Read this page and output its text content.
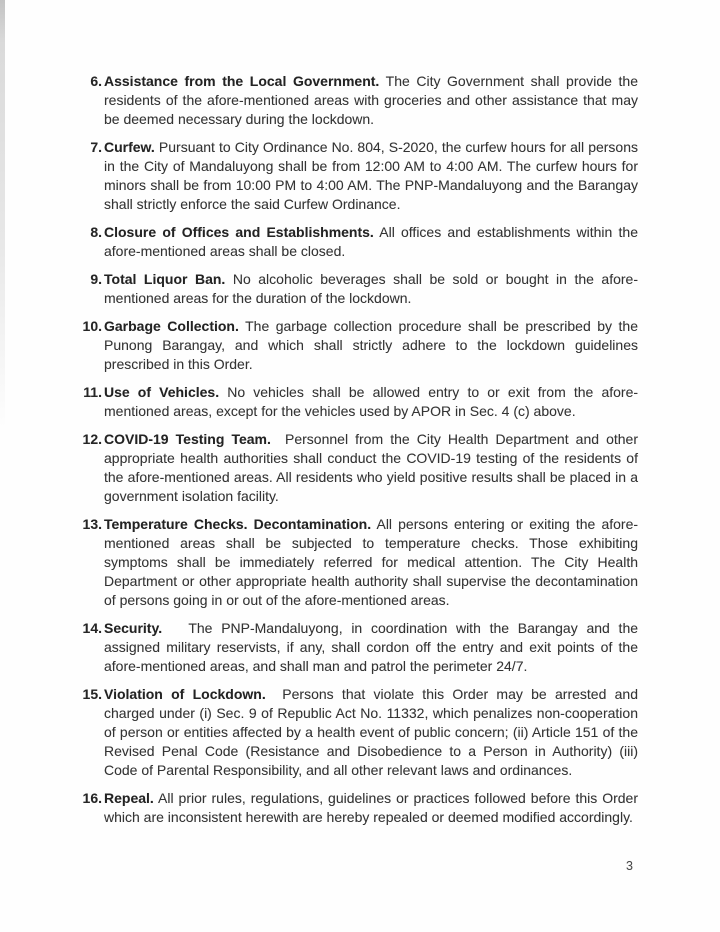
6. Assistance from the Local Government. The City Government shall provide the residents of the afore-mentioned areas with groceries and other assistance that may be deemed necessary during the lockdown.

7. Curfew. Pursuant to City Ordinance No. 804, S-2020, the curfew hours for all persons in the City of Mandaluyong shall be from 12:00 AM to 4:00 AM. The curfew hours for minors shall be from 10:00 PM to 4:00 AM. The PNP-Mandaluyong and the Barangay shall strictly enforce the said Curfew Ordinance.

8. Closure of Offices and Establishments. All offices and establishments within the afore-mentioned areas shall be closed.

9. Total Liquor Ban. No alcoholic beverages shall be sold or bought in the afore-mentioned areas for the duration of the lockdown.

10. Garbage Collection. The garbage collection procedure shall be prescribed by the Punong Barangay, and which shall strictly adhere to the lockdown guidelines prescribed in this Order.

11. Use of Vehicles. No vehicles shall be allowed entry to or exit from the afore-mentioned areas, except for the vehicles used by APOR in Sec. 4 (c) above.

12. COVID-19 Testing Team.  Personnel from the City Health Department and other appropriate health authorities shall conduct the COVID-19 testing of the residents of the afore-mentioned areas. All residents who yield positive results shall be placed in a government isolation facility.

13. Temperature Checks. Decontamination. All persons entering or exiting the afore-mentioned areas shall be subjected to temperature checks. Those exhibiting symptoms shall be immediately referred for medical attention. The City Health Department or other appropriate health authority shall supervise the decontamination of persons going in or out of the afore-mentioned areas.

14. Security.   The PNP-Mandaluyong, in coordination with the Barangay and the assigned military reservists, if any, shall cordon off the entry and exit points of the afore-mentioned areas, and shall man and patrol the perimeter 24/7.

15. Violation of Lockdown.  Persons that violate this Order may be arrested and charged under (i) Sec. 9 of Republic Act No. 11332, which penalizes non-cooperation of person or entities affected by a health event of public concern; (ii) Article 151 of the Revised Penal Code (Resistance and Disobedience to a Person in Authority) (iii) Code of Parental Responsibility, and all other relevant laws and ordinances.

16. Repeal. All prior rules, regulations, guidelines or practices followed before this Order which are inconsistent herewith are hereby repealed or deemed modified accordingly.

3
